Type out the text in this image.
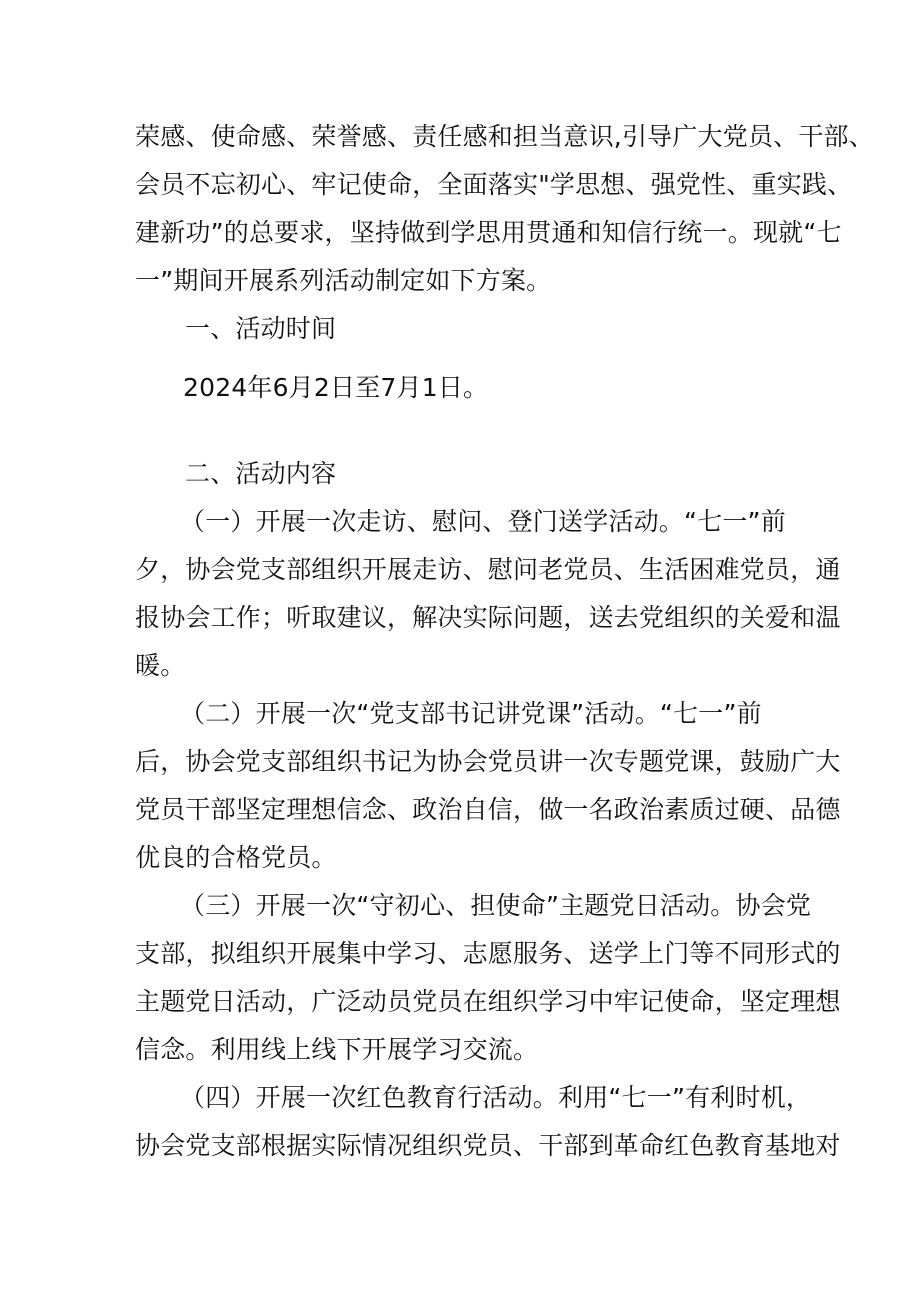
荣感、使命感、荣誉感、责任感和担当意识,引导广大党员、干部、
会员不忘初心、牢记使命，全面落实"学思想、强党性、重实践、
建新功”的总要求，坚持做到学思用贯通和知信行统一。现就“七
一”期间开展系列活动制定如下方案。
一、活动时间
2024年6月2日至7月1日。
二、活动内容
（一）开展一次走访、慰问、登门送学活动。“七一”前
夕，协会党支部组织开展走访、慰问老党员、生活困难党员，通
报协会工作；听取建议，解决实际问题，送去党组织的关爱和温
暖。
（二）开展一次“党支部书记讲党课”活动。“七一”前
后，协会党支部组织书记为协会党员讲一次专题党课，鼓励广大
党员干部坚定理想信念、政治自信，做一名政治素质过硬、品德
优良的合格党员。
（三）开展一次“守初心、担使命”主题党日活动。协会党
支部，拟组织开展集中学习、志愿服务、送学上门等不同形式的
主题党日活动，广泛动员党员在组织学习中牢记使命，坚定理想
信念。利用线上线下开展学习交流。
（四）开展一次红色教育行活动。利用“七一”有利时机，
协会党支部根据实际情况组织党员、干部到革命红色教育基地对
